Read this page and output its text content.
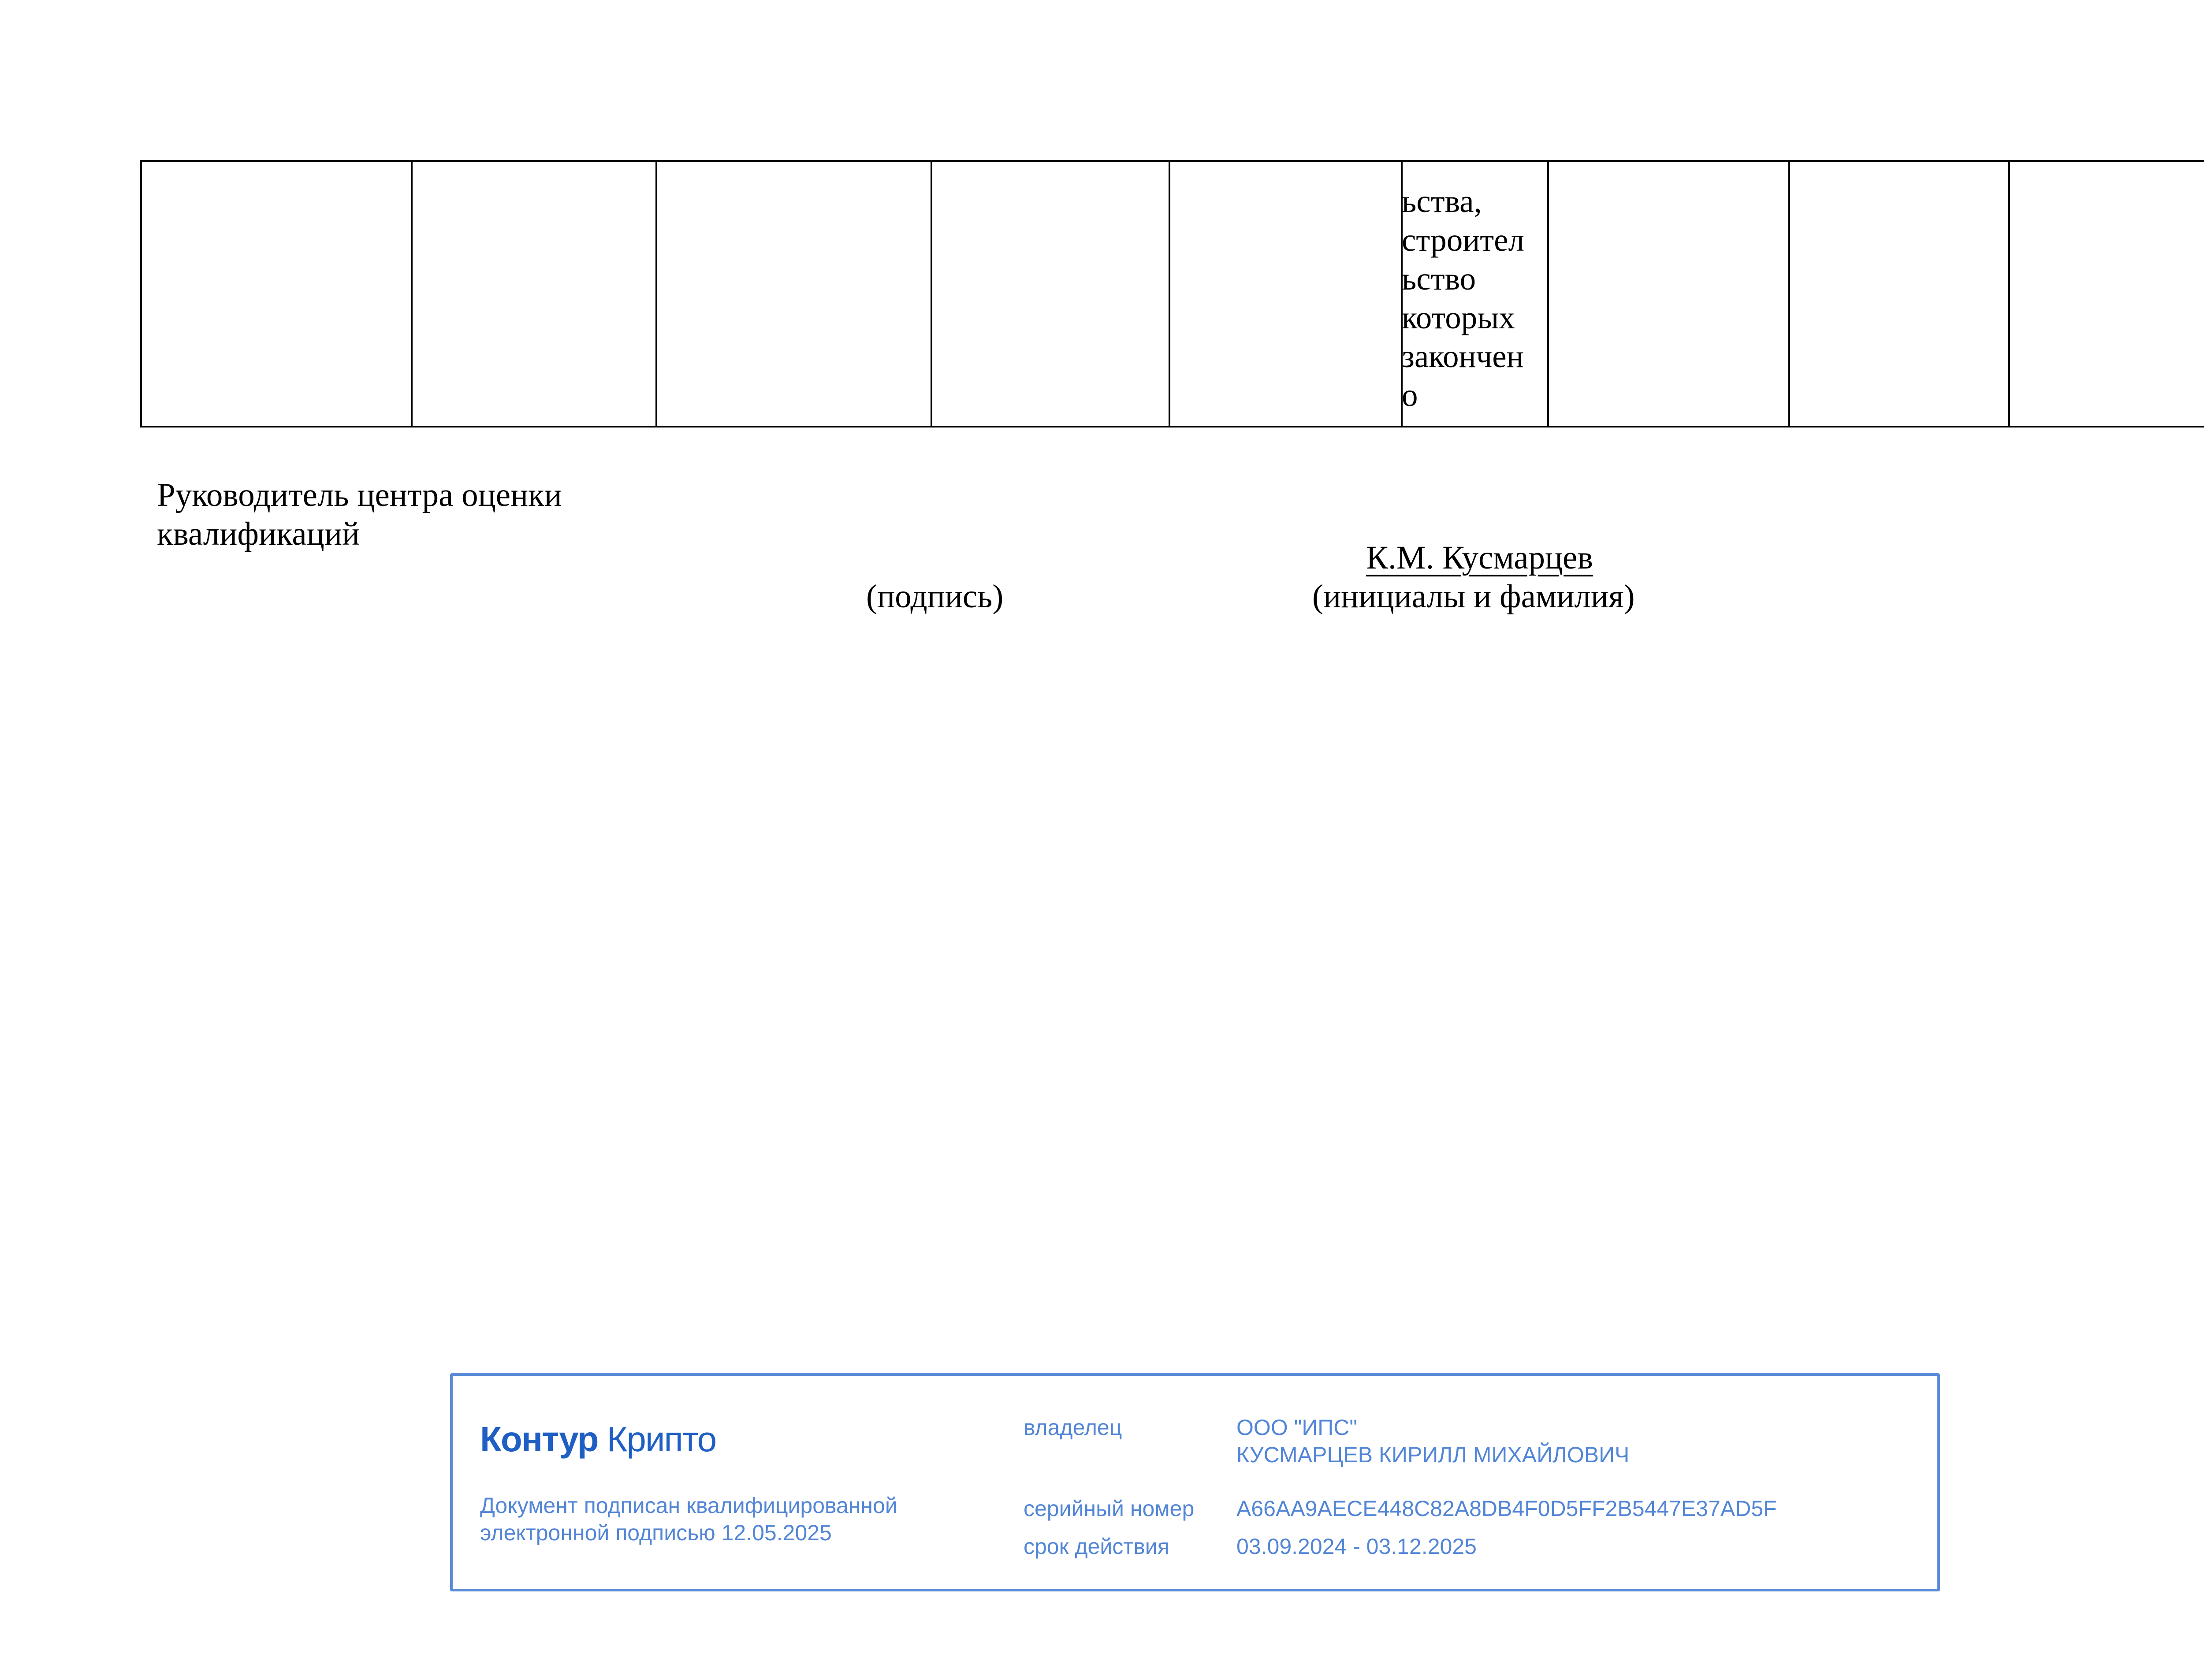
ьства,
строител
ьство
которых
закончен
о

Руководитель центра оценки
квалификаций
К.М. Кусмарцев
(подпись)	(инициалы и фамилия)
Контур Крипто
Документ подписан квалифицированной
электронной подписью 12.05.2025
владелец	ООО "ИПС"
КУСМАРЦЕВ КИРИЛЛ МИХАЙЛОВИЧ
серийный номер A66AA9AECE448C82A8DB4F0D5FF2B5447E37AD5F
срок действия	03.09.2024 - 03.12.2025
